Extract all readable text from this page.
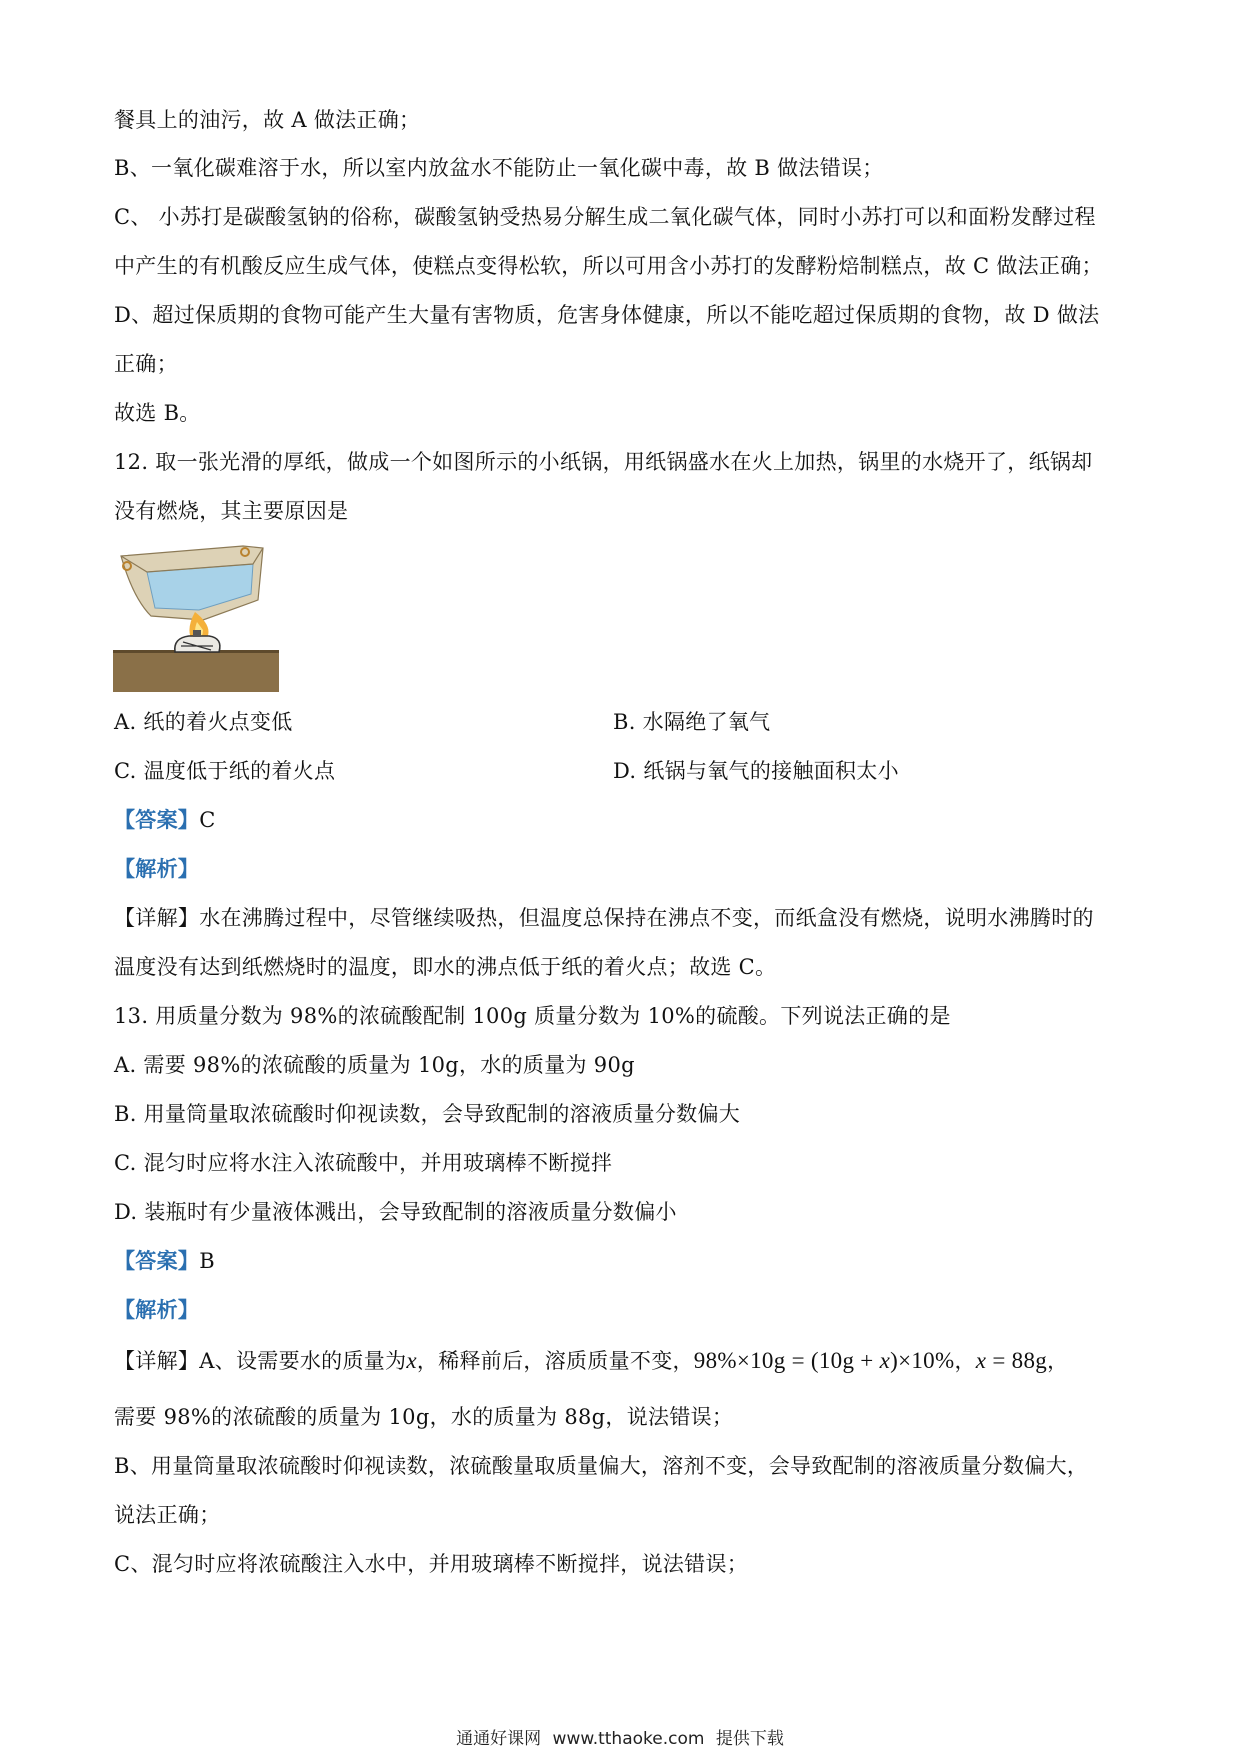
餐具上的油污，故 A 做法正确；
B、一氧化碳难溶于水，所以室内放盆水不能防止一氧化碳中毒，故 B 做法错误；
C、 小苏打是碳酸氢钠的俗称，碳酸氢钠受热易分解生成二氧化碳气体，同时小苏打可以和面粉发酵过程
中产生的有机酸反应生成气体，使糕点变得松软，所以可用含小苏打的发酵粉焙制糕点，故 C 做法正确；
D、超过保质期的食物可能产生大量有害物质，危害身体健康，所以不能吃超过保质期的食物，故 D 做法
正确；
故选 B。
12. 取一张光滑的厚纸，做成一个如图所示的小纸锅，用纸锅盛水在火上加热，锅里的水烧开了，纸锅却
没有燃烧，其主要原因是
A. 纸的着火点变低	B. 水隔绝了氧气
C. 温度低于纸的着火点	D. 纸锅与氧气的接触面积太小
【答案】C
【解析】
【详解】水在沸腾过程中，尽管继续吸热，但温度总保持在沸点不变，而纸盒没有燃烧，说明水沸腾时的
温度没有达到纸燃烧时的温度，即水的沸点低于纸的着火点；故选 C。
13. 用质量分数为 98%的浓硫酸配制 100g 质量分数为 10%的硫酸。下列说法正确的是
A. 需要 98%的浓硫酸的质量为 10g，水的质量为 90g
B. 用量筒量取浓硫酸时仰视读数，会导致配制的溶液质量分数偏大
C. 混匀时应将水注入浓硫酸中，并用玻璃棒不断搅拌
D. 装瓶时有少量液体溅出，会导致配制的溶液质量分数偏小
【答案】B
【解析】
【详解】A、设需要水的质量为x，稀释前后，溶质质量不变，98%×10g = (10g + x)×10%，x = 88g，
需要 98%的浓硫酸的质量为 10g，水的质量为 88g，说法错误；
B、用量筒量取浓硫酸时仰视读数，浓硫酸量取质量偏大，溶剂不变，会导致配制的溶液质量分数偏大，
说法正确；
C、混匀时应将浓硫酸注入水中，并用玻璃棒不断搅拌，说法错误；
通通好课网 www.tthaoke.com 提供下载
